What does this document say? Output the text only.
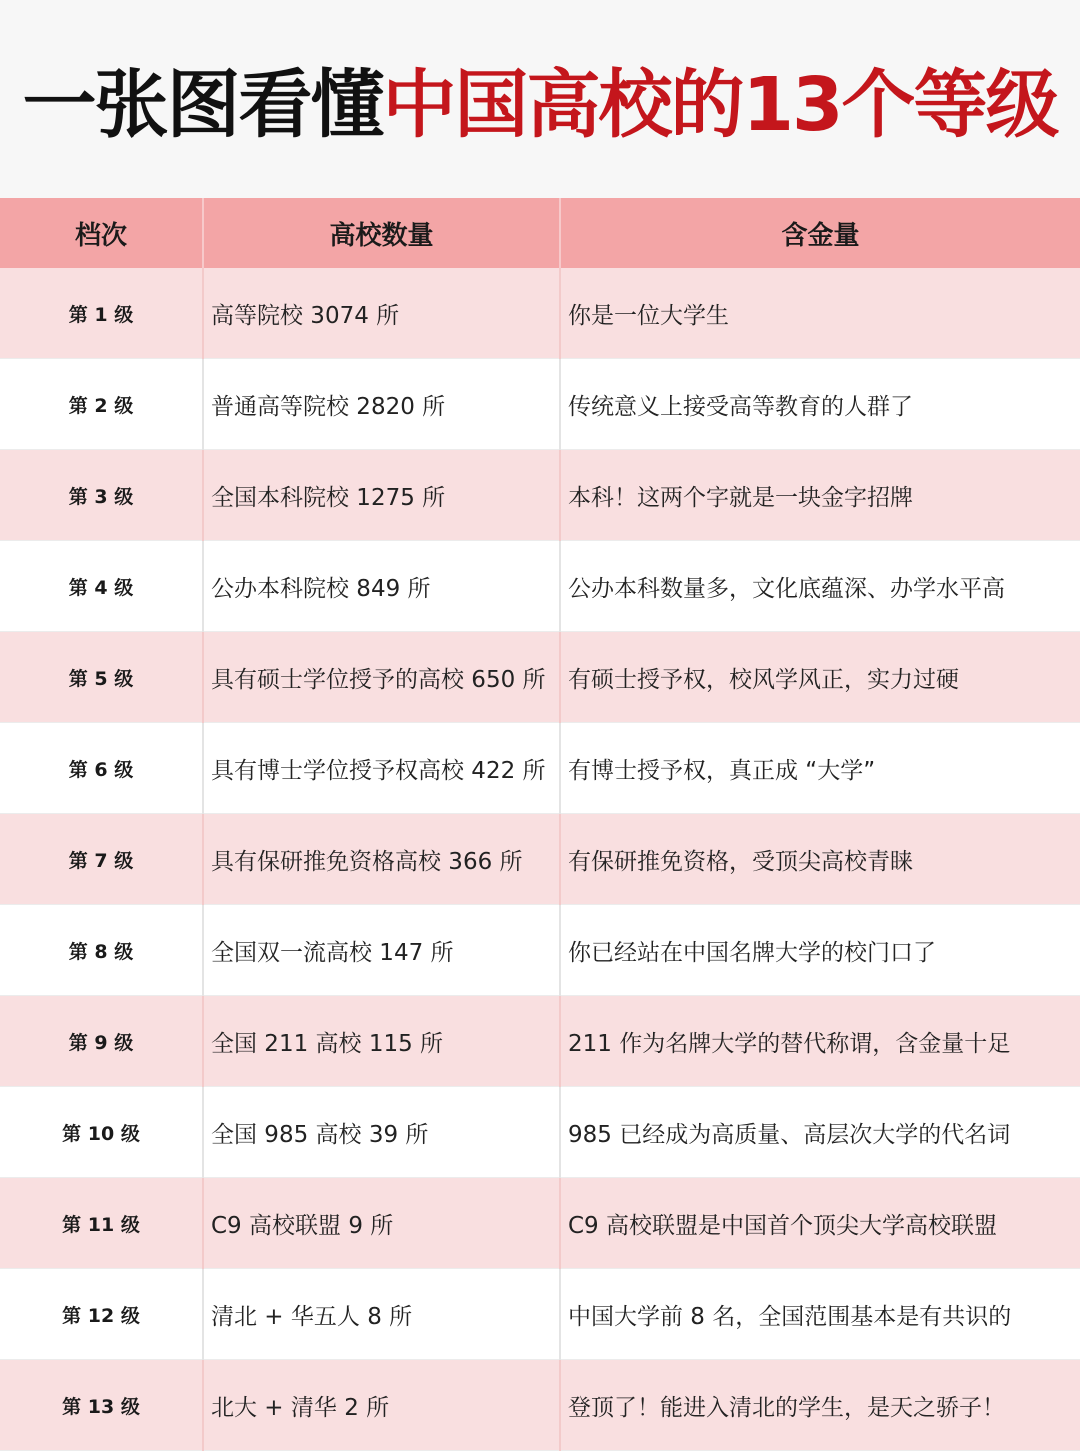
一张图看懂中国高校的13个等级
档次	高校数量	含金量
第 1 级	高等院校 3074 所	你是一位大学生
第 2 级	普通高等院校 2820 所	传统意义上接受高等教育的人群了
第 3 级	全国本科院校 1275 所	本科！这两个字就是一块金字招牌
第 4 级	公办本科院校 849 所	公办本科数量多，文化底蕴深、办学水平高
第 5 级	具有硕士学位授予的高校 650 所	有硕士授予权，校风学风正，实力过硬
第 6 级	具有博士学位授予权高校 422 所	有博士授予权，真正成 “大学”
第 7 级	具有保研推免资格高校 366 所	有保研推免资格，受顶尖高校青睐
第 8 级	全国双一流高校 147 所	你已经站在中国名牌大学的校门口了
第 9 级	全国 211 高校 115 所	211 作为名牌大学的替代称谓，含金量十足
第 10 级	全国 985 高校 39 所	985 已经成为高质量、高层次大学的代名词
第 11 级	C9 高校联盟 9 所	C9 高校联盟是中国首个顶尖大学高校联盟
第 12 级	清北 + 华五人 8 所	中国大学前 8 名，全国范围基本是有共识的
第 13 级	北大 + 清华 2 所	登顶了！能进入清北的学生，是天之骄子！
